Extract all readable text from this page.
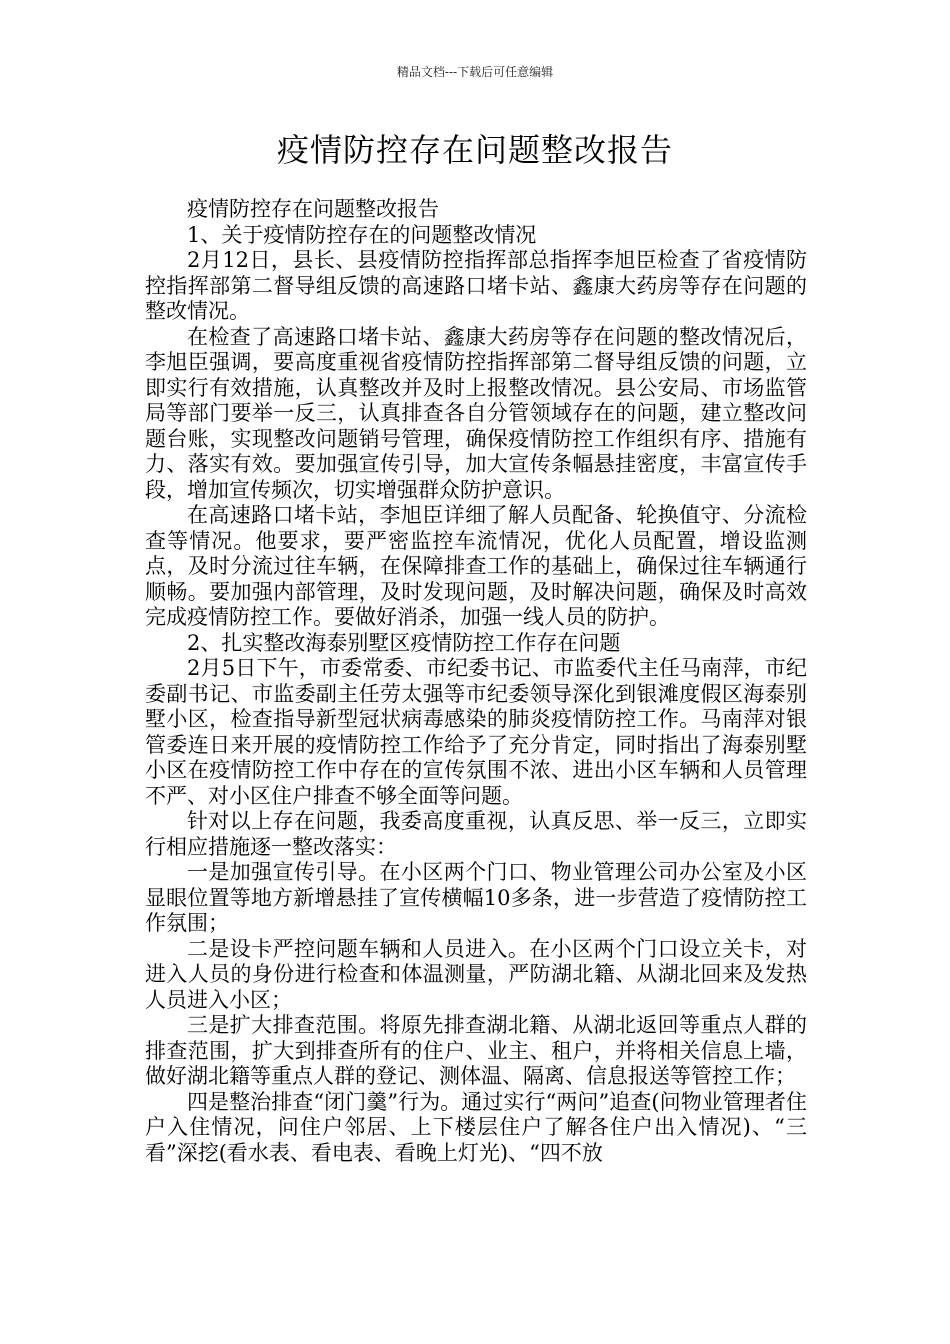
精品文档---下载后可任意编辑
疫情防控存在问题整改报告

疫情防控存在问题整改报告

1、关于疫情防控存在的问题整改情况

2月12日，县长、县疫情防控指挥部总指挥李旭臣检查了省疫情防控指挥部第二督导组反馈的高速路口堵卡站、鑫康大药房等存在问题的整改情况。

在检查了高速路口堵卡站、鑫康大药房等存在问题的整改情况后，李旭臣强调，要高度重视省疫情防控指挥部第二督导组反馈的问题，立即实行有效措施，认真整改并及时上报整改情况。县公安局、市场监管局等部门要举一反三，认真排查各自分管领域存在的问题，建立整改问题台账，实现整改问题销号管理，确保疫情防控工作组织有序、措施有力、落实有效。要加强宣传引导，加大宣传条幅悬挂密度，丰富宣传手段，增加宣传频次，切实增强群众防护意识。

在高速路口堵卡站，李旭臣详细了解人员配备、轮换值守、分流检查等情况。他要求，要严密监控车流情况，优化人员配置，增设监测点，及时分流过往车辆，在保障排查工作的基础上，确保过往车辆通行顺畅。要加强内部管理，及时发现问题，及时解决问题，确保及时高效完成疫情防控工作。要做好消杀，加强一线人员的防护。

2、扎实整改海泰别墅区疫情防控工作存在问题

2月5日下午，市委常委、市纪委书记、市监委代主任马南萍，市纪委副书记、市监委副主任劳太强等市纪委领导深化到银滩度假区海泰别墅小区，检查指导新型冠状病毒感染的肺炎疫情防控工作。马南萍对银管委连日来开展的疫情防控工作给予了充分肯定，同时指出了海泰别墅小区在疫情防控工作中存在的宣传氛围不浓、进出小区车辆和人员管理不严、对小区住户排查不够全面等问题。

针对以上存在问题，我委高度重视，认真反思、举一反三，立即实行相应措施逐一整改落实：

一是加强宣传引导。在小区两个门口、物业管理公司办公室及小区显眼位置等地方新增悬挂了宣传横幅10多条，进一步营造了疫情防控工作氛围；

二是设卡严控问题车辆和人员进入。在小区两个门口设立关卡，对进入人员的身份进行检查和体温测量，严防湖北籍、从湖北回来及发热人员进入小区；

三是扩大排查范围。将原先排查湖北籍、从湖北返回等重点人群的排查范围，扩大到排查所有的住户、业主、租户，并将相关信息上墙，做好湖北籍等重点人群的登记、测体温、隔离、信息报送等管控工作；

四是整治排查“闭门羹”行为。通过实行“两问”追查(问物业管理者住户入住情况，问住户邻居、上下楼层住户了解各住户出入情况)、“三看”深挖(看水表、看电表、看晚上灯光)、“四不放
